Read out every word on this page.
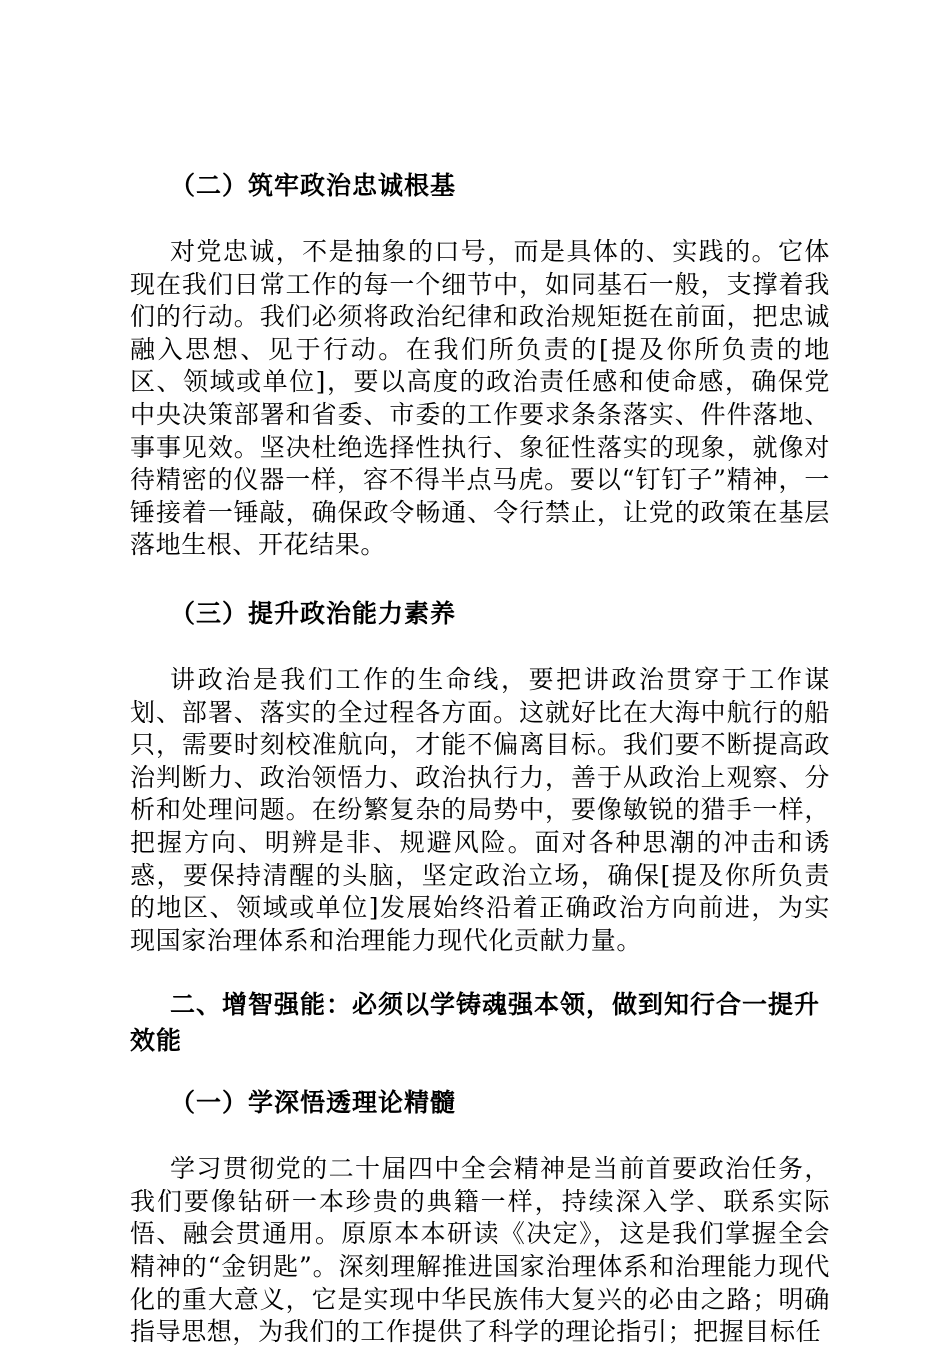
（二）筑牢政治忠诚根基

对党忠诚，不是抽象的口号，而是具体的、实践的。它体现在我们日常工作的每一个细节中，如同基石一般，支撑着我们的行动。我们必须将政治纪律和政治规矩挺在前面，把忠诚融入思想、见于行动。在我们所负责的[提及你所负责的地区、领域或单位]，要以高度的政治责任感和使命感，确保党中央决策部署和省委、市委的工作要求条条落实、件件落地、事事见效。坚决杜绝选择性执行、象征性落实的现象，就像对待精密的仪器一样，容不得半点马虎。要以“钉钉子”精神，一锤接着一锤敲，确保政令畅通、令行禁止，让党的政策在基层落地生根、开花结果。

（三）提升政治能力素养

讲政治是我们工作的生命线，要把讲政治贯穿于工作谋划、部署、落实的全过程各方面。这就好比在大海中航行的船只，需要时刻校准航向，才能不偏离目标。我们要不断提高政治判断力、政治领悟力、政治执行力，善于从政治上观察、分析和处理问题。在纷繁复杂的局势中，要像敏锐的猎手一样，把握方向、明辨是非、规避风险。面对各种思潮的冲击和诱惑，要保持清醒的头脑，坚定政治立场，确保[提及你所负责的地区、领域或单位]发展始终沿着正确政治方向前进，为实现国家治理体系和治理能力现代化贡献力量。

二、增智强能：必须以学铸魂强本领，做到知行合一提升效能

（一）学深悟透理论精髓

学习贯彻党的二十届四中全会精神是当前首要政治任务，我们要像钻研一本珍贵的典籍一样，持续深入学、联系实际悟、融会贯通用。原原本本研读《决定》，这是我们掌握全会精神的“金钥匙”。深刻理解推进国家治理体系和治理能力现代化的重大意义，它是实现中华民族伟大复兴的必由之路；明确指导思想，为我们的工作提供了科学的理论指引；把握目标任
